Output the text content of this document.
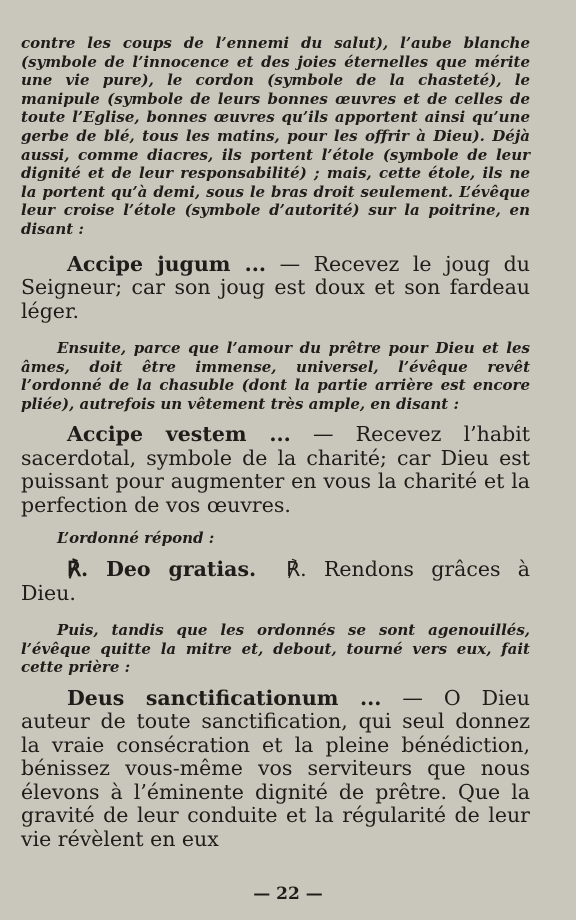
contre les coups de l’ennemi du salut), l’aube blanche (symbole de l’innocence et des joies éternelles que mérite une vie pure), le cordon (symbole de la chasteté), le manipule (symbole de leurs bonnes œuvres et de celles de toute l’Eglise, bonnes œuvres qu’ils apportent ainsi qu’une gerbe de blé, tous les matins, pour les offrir à Dieu). Déjà aussi, comme diacres, ils portent l’étole (symbole de leur dignité et de leur responsabilité) ; mais, cette étole, ils ne la portent qu’à demi, sous le bras droit seulement. L’évêque leur croise l’étole (symbole d’autorité) sur la poitrine, en disant :

Accipe jugum ... — Recevez le joug du Seigneur; car son joug est doux et son fardeau léger.

Ensuite, parce que l’amour du prêtre pour Dieu et les âmes, doit être immense, universel, l’évêque revêt l’ordonné de la chasuble (dont la partie arrière est encore pliée), autrefois un vêtement très ample, en disant :

Accipe vestem ... — Recevez l’habit sacerdotal, symbole de la charité; car Dieu est puissant pour augmenter en vous la charité et la perfection de vos œuvres.

L’ordonné répond :

℟. Deo gratias. ℟. Rendons grâces à Dieu.

Puis, tandis que les ordonnés se sont agenouillés, l’évêque quitte la mitre et, debout, tourné vers eux, fait cette prière :

Deus sanctificationum ... — O Dieu auteur de toute sanctification, qui seul donnez la vraie consécration et la pleine bénédiction, bénissez vous-même vos serviteurs que nous élevons à l’éminente dignité de prêtre. Que la gravité de leur conduite et la régularité de leur vie révèlent en eux

— 22 —
